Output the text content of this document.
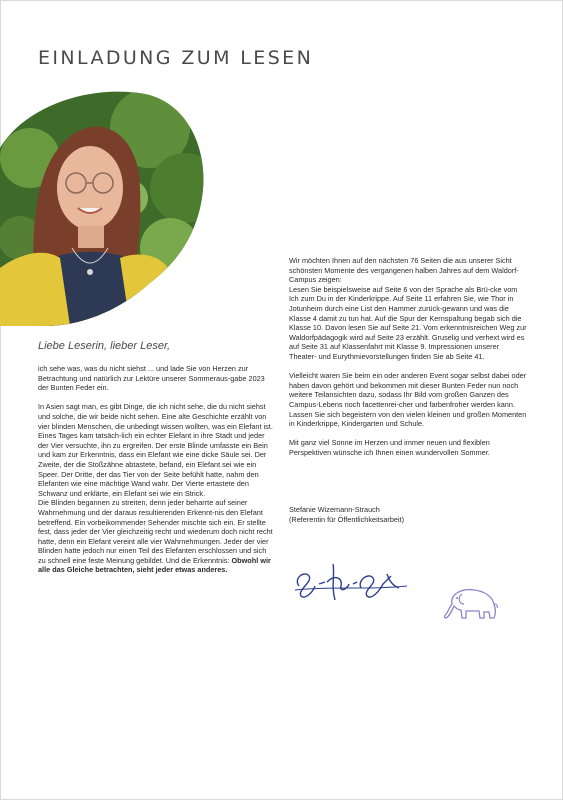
EINLADUNG ZUM LESEN

Liebe Leserin, lieber Leser,

ich sehe was, was du nicht siehst ... und lade Sie von Herzen zur Betrachtung und natürlich zur Lektüre unserer Sommeraus-gabe 2023 der Bunten Feder ein.

In Asien sagt man, es gibt Dinge, die ich nicht sehe, die du nicht siehst und solche, die wir beide nicht sehen. Eine alte Geschichte erzählt von vier blinden Menschen, die unbedingt wissen wollten, was ein Elefant ist. Eines Tages kam tatsäch-lich ein echter Elefant in ihre Stadt und jeder der Vier versuchte, ihn zu ergreifen. Der erste Blinde umfasste ein Bein und kam zur Erkenntnis, dass ein Elefant wie eine dicke Säule sei. Der Zweite, der die Stoßzähne abtastete, befand, ein Elefant sei wie ein Speer. Der Dritte, der das Tier von der Seite befühlt hatte, nahm den Elefanten wie eine mächtige Wand wahr. Der Vierte ertastete den Schwanz und erklärte, ein Elefant sei wie ein Strick.

Die Blinden begannen zu streiten, denn jeder beharrte auf seiner Wahrnehmung und der daraus resultierenden Erkennt-nis den Elefant betreffend. Ein vorbeikommender Sehender mischte sich ein. Er stellte fest, dass jeder der Vier gleichzeitig recht und wiederum doch nicht recht hatte, denn ein Elefant vereint alle vier Wahrnehmungen. Jeder der vier Blinden hatte jedoch nur einen Teil des Elefanten erschlossen und sich zu schnell eine feste Meinung gebildet. Und die Erkenntnis: Obwohl wir alle das Gleiche betrachten, sieht jeder etwas anderes.

Wir möchten Ihnen auf den nächsten 76 Seiten die aus unserer Sicht schönsten Momente des vergangenen halben Jahres auf dem Waldorf-Campus zeigen:

Lesen Sie beispielsweise auf Seite 6 von der Sprache als Brü-cke vom Ich zum Du in der Kinderkrippe. Auf Seite 11 erfahren Sie, wie Thor in Jotunheim durch eine List den Hammer zurück-gewann und was die Klasse 4 damit zu tun hat. Auf die Spur der Kernspaltung begab sich die Klasse 10. Davon lesen Sie auf Seite 21. Vom erkenntnisreichen Weg zur Waldorfpädagogik wird auf Seite 23 erzählt. Gruselig und verhext wird es auf Seite 31 auf Klassenfahrt mit Klasse 9. Impressionen unserer Theater- und Eurythmievorstellungen finden Sie ab Seite 41.

Vielleicht waren Sie beim ein oder anderen Event sogar selbst dabei oder haben davon gehört und bekommen mit dieser Bunten Feder nun noch weitere Teilansichten dazu, sodass Ihr Bild vom großen Ganzen des Campus-Lebens noch facettenrei-cher und farbenfroher werden kann. Lassen Sie sich begeistern von den vielen kleinen und großen Momenten in Kinderkrippe, Kindergarten und Schule.

Mit ganz viel Sonne im Herzen und immer neuen und flexiblen Perspektiven wünsche ich Ihnen einen wundervollen Sommer.

Stefanie Wizemann-Strauch

(Referentin für Öffentlichkeitsarbeit)
